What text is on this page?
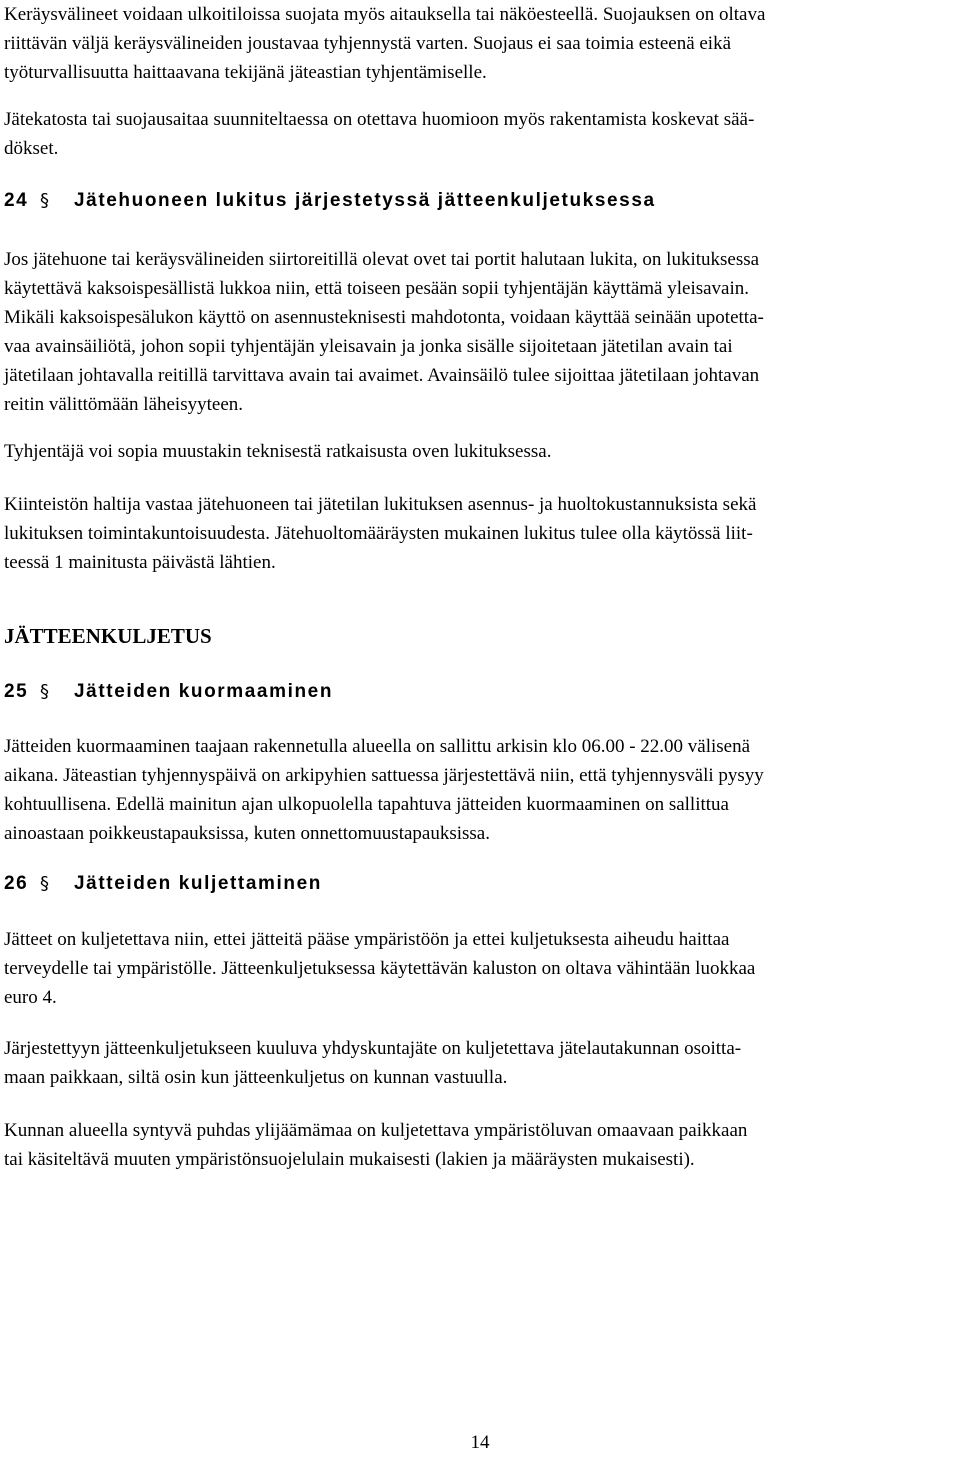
Keräysvälineet voidaan ulkoitiloissa suojata myös aitauksella tai näköesteellä. Suojauksen on oltava
riittävän väljä keräysvälineiden joustavaa tyhjennystä varten. Suojaus ei saa toimia esteenä eikä
työturvallisuutta haittaavana tekijänä jäteastian tyhjentämiselle.

Jätekatosta tai suojausaitaa suunniteltaessa on otettava huomioon myös rakentamista koskevat sää-
dökset.

24 § Jätehuoneen lukitus järjestetyssä jätteenkuljetuksessa

Jos jätehuone tai keräysvälineiden siirtoreitillä olevat ovet tai portit halutaan lukita, on lukituksessa
käytettävä kaksoispesällistä lukkoa niin, että toiseen pesään sopii tyhjentäjän käyttämä yleisavain.
Mikäli kaksoispesälukon käyttö on asennusteknisesti mahdotonta, voidaan käyttää seinään upotetta-
vaa avainsäiliötä, johon sopii tyhjentäjän yleisavain ja jonka sisälle sijoitetaan jätetilan avain tai
jätetilaan johtavalla reitillä tarvittava avain tai avaimet. Avainsäilö tulee sijoittaa jätetilaan johtavan
reitin välittömään läheisyyteen.

Tyhjentäjä voi sopia muustakin teknisestä ratkaisusta oven lukituksessa.

Kiinteistön haltija vastaa jätehuoneen tai jätetilan lukituksen asennus- ja huoltokustannuksista sekä
lukituksen toimintakuntoisuudesta. Jätehuoltomääräysten mukainen lukitus tulee olla käytössä liit-
teessä 1 mainitusta päivästä lähtien.

JÄTTEENKULJETUS
25 § Jätteiden kuormaaminen

Jätteiden kuormaaminen taajaan rakennetulla alueella on sallittu arkisin klo 06.00 - 22.00 välisenä
aikana. Jäteastian tyhjennyspäivä on arkipyhien sattuessa järjestettävä niin, että tyhjennysväli pysyy
kohtuullisena. Edellä mainitun ajan ulkopuolella tapahtuva jätteiden kuormaaminen on sallittua
ainoastaan poikkeustapauksissa, kuten onnettomuustapauksissa.

26 § Jätteiden kuljettaminen

Jätteet on kuljetettava niin, ettei jätteitä pääse ympäristöön ja ettei kuljetuksesta aiheudu haittaa
terveydelle tai ympäristölle. Jätteenkuljetuksessa käytettävän kaluston on oltava vähintään luokkaa
euro 4.

Järjestettyyn jätteenkuljetukseen kuuluva yhdyskuntajäte on kuljetettava jätelautakunnan osoitta-
maan paikkaan, siltä osin kun jätteenkuljetus on kunnan vastuulla.

Kunnan alueella syntyvä puhdas ylijäämämaa on kuljetettava ympäristöluvan omaavaan paikkaan
tai käsiteltävä muuten ympäristönsuojelulain mukaisesti (lakien ja määräysten mukaisesti).

14
